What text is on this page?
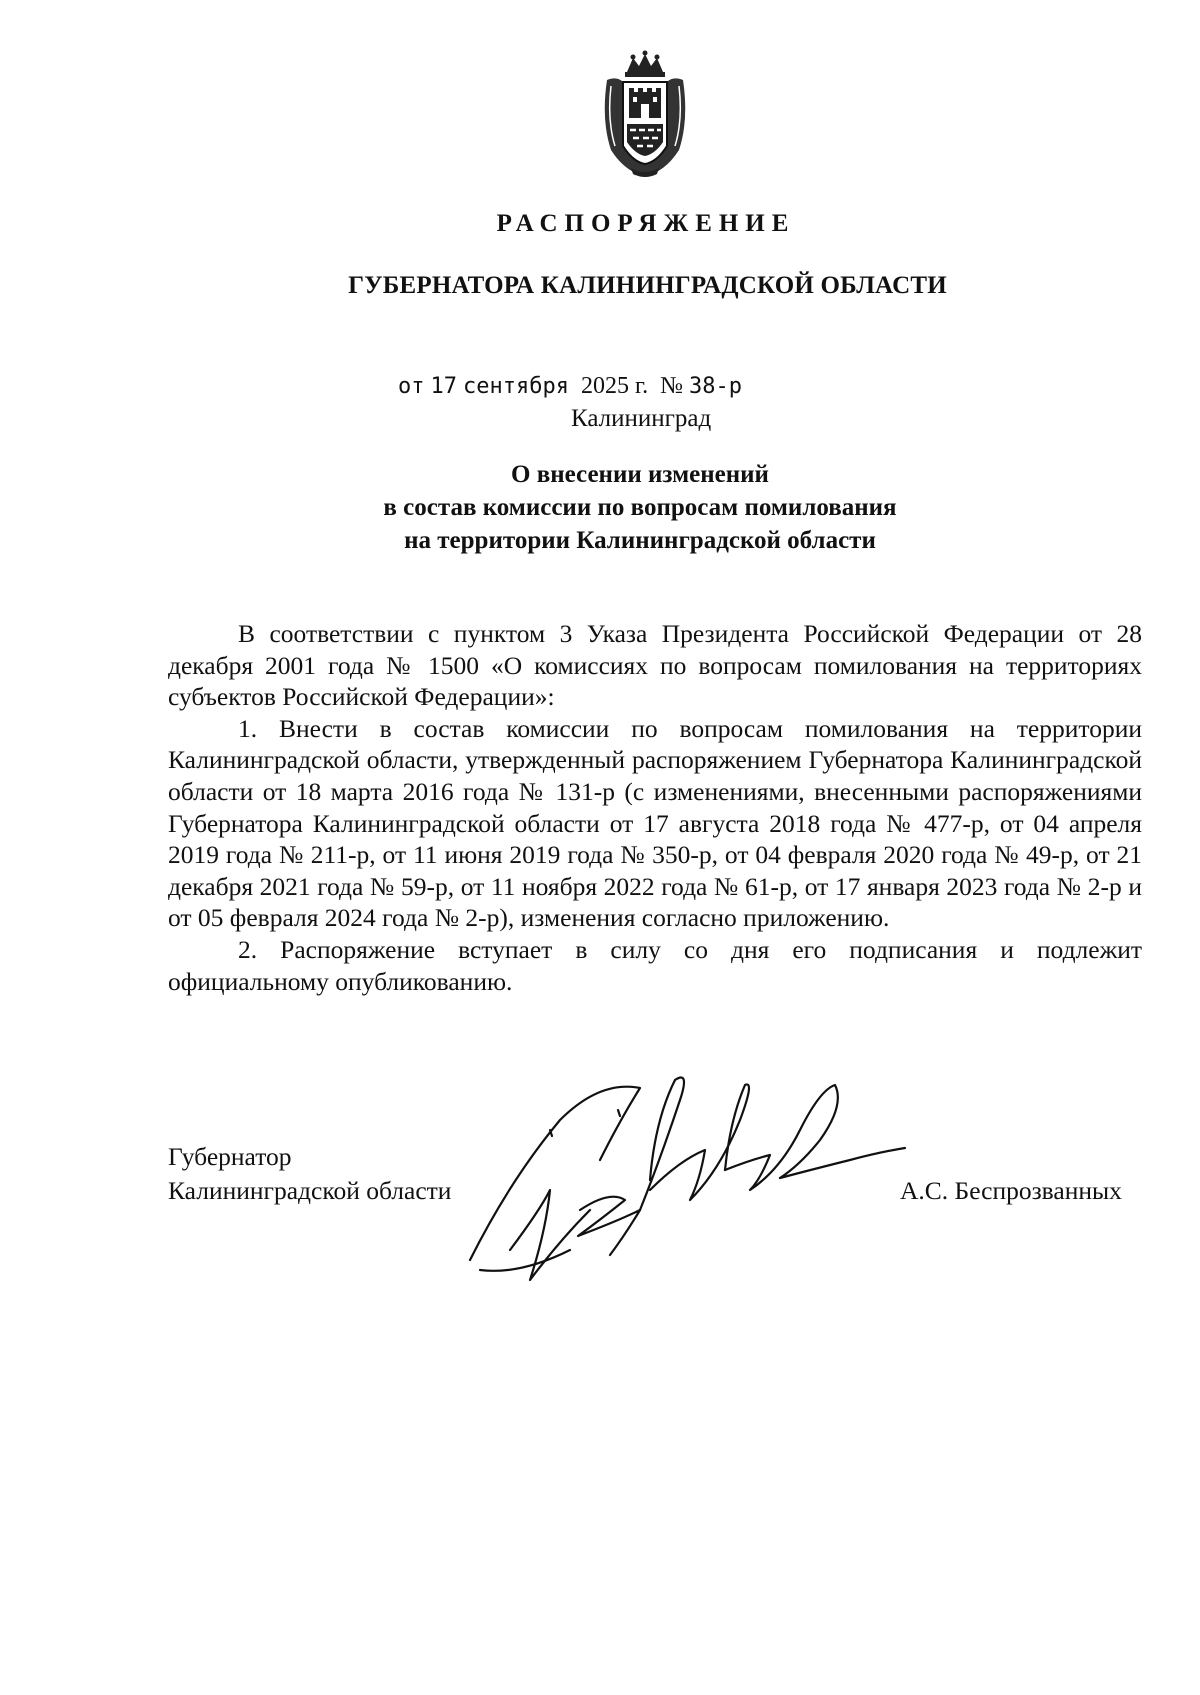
РАСПОРЯЖЕНИЕ
ГУБЕРНАТОРА КАЛИНИНГРАДСКОЙ ОБЛАСТИ
от 17 сентября 2025 г. № 38-р
Калининград
О внесении изменений
в состав комиссии по вопросам помилования
на территории Калининградской области

В соответствии с пунктом 3 Указа Президента Российской Федерации от 28 декабря 2001 года № 1500 «О комиссиях по вопросам помилования на территориях субъектов Российской Федерации»:

1. Внести в состав комиссии по вопросам помилования на территории Калининградской области, утвержденный распоряжением Губернатора Калининградской области от 18 марта 2016 года № 131-р (с изменениями, внесенными распоряжениями Губернатора Калининградской области от 17 августа 2018 года № 477-р, от 04 апреля 2019 года № 211-р, от 11 июня 2019 года № 350-р, от 04 февраля 2020 года № 49-р, от 21 декабря 2021 года № 59-р, от 11 ноября 2022 года № 61-р, от 17 января 2023 года № 2-р и от 05 февраля 2024 года № 2-р), изменения согласно приложению.

2. Распоряжение вступает в силу со дня его подписания и подлежит официальному опубликованию.

Губернатор
Калининградской области	А.С. Беспрозванных
